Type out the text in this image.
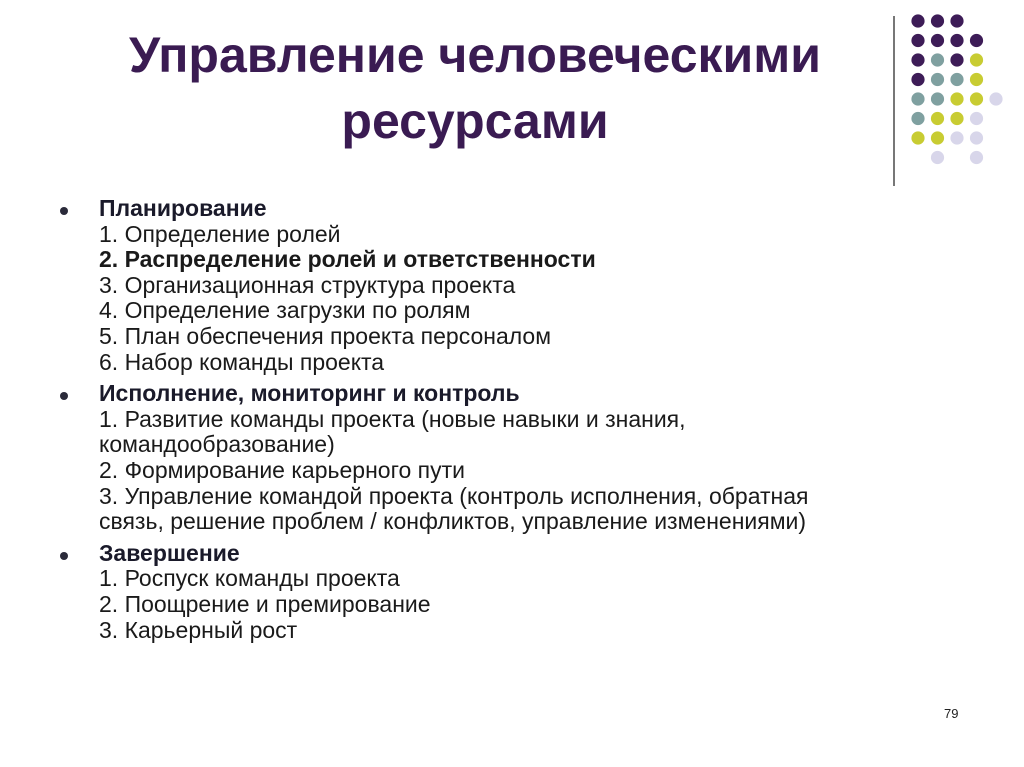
Управление человеческими
ресурсами
Планирование
1. Определение ролей
2. Распределение ролей и ответственности
3. Организационная структура проекта
4. Определение загрузки по ролям
5. План обеспечения проекта персоналом
6. Набор команды проекта
Исполнение, мониторинг и контроль
1. Развитие команды проекта (новые навыки и знания,
командообразование)
2. Формирование карьерного пути
3. Управление командой проекта (контроль исполнения, обратная
связь, решение проблем / конфликтов, управление изменениями)
Завершение
1. Роспуск команды проекта
2. Поощрение и премирование
3. Карьерный рост
79
